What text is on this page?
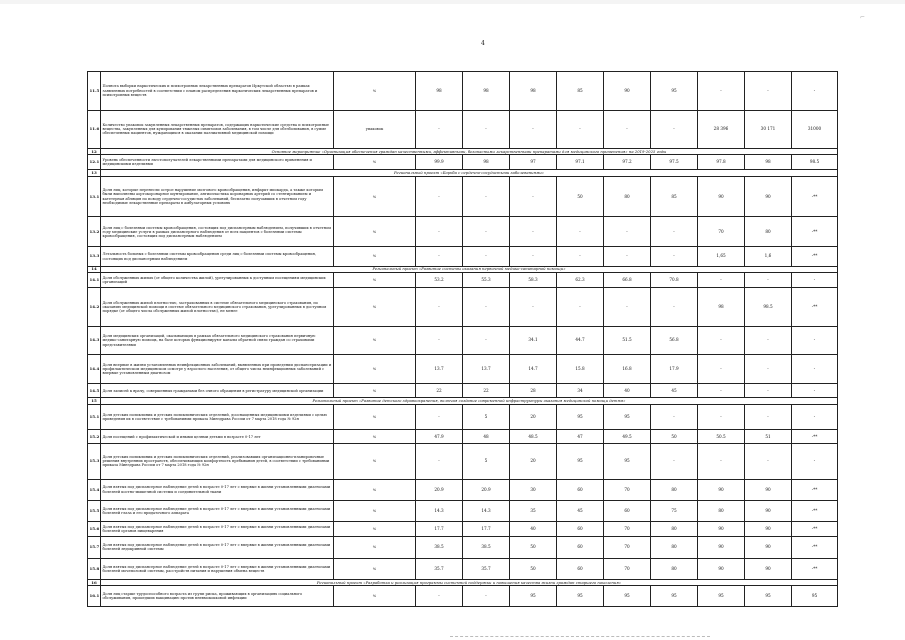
⌐
4
11.5	Полнота выборки наркотических и психотропных лекарственных препаратов Иркутской областью в рамках заявленных потребностей в соответствии с планом распределения наркотических лекарственных препаратов и психотропных веществ	%	98	98	98	85	90	95	-	-	-
11.6	Количество упаковок закупленных лекарственных препаратов, содержащих наркотические средства и психотропные вещества, закупленных для купирования тяжелых симптомов заболевания, в том числе для обезболивания, в сумме обеспеченных пациентов, нуждающихся в оказании паллиативной медицинской помощи	упаковок	-	-	-	-	-	-	28 396	30 171	31000
12	Основное мероприятие «Организация обеспечения граждан качественными, эффективными, безопасными лекарственными препаратами для медицинского применения» на 2019-2025 годы										
12.1	Уровень обеспеченности льготополучателей лекарственными препаратами для медицинского применения и медицинскими изделиями	%	99.9	98	97	97.1	97.2	97.5	97.8	98	98.5
13	Региональный проект «Борьба с сердечно-сосудистыми заболеваниями»										
13.1	Доля лиц, которые перенесли острое нарушение мозгового кровообращения, инфаркт миокарда, а также которым были выполнены аортокоронарное шунтирование, ангиопластика коронарных артерий со стентированием и катетерная абляция по поводу сердечно-сосудистых заболеваний, бесплатно получавших в отчетном году необходимые лекарственные препараты в амбулаторных условиях	%	-	-	-	50	80	85	90	90	-**
13.2	Доля лиц с болезнями системы кровообращения, состоящих под диспансерным наблюдением, получивших в отчетном году медицинские услуги в рамках диспансерного наблюдения от всех пациентов с болезнями системы кровообращения, состоящих под диспансерным наблюдением	%	-	-	-	-	-	-	70	80	-**
13.3	Летальность больных с болезнями системы кровообращения среди лиц с болезнями системы кровообращения, состоящих под диспансерным наблюдением	%	-	-	-	-	-	-	1,65	1,6	-**
14	Региональный проект «Развитие системы оказания первичной медико-санитарной помощи»										
14.1	Доля обслуженных жилых (от общего количества жилой), урегулированных к доступным посещениям медицинских организаций	%	53.2	55.3	58.3	62.3	66.8	70.8	-	-	-
14.2	Доля обслуженных жилой плотностью, застрахованных в системе обязательного медицинского страхования, по оказанию медицинской помощи в системе обязательного медицинского страхования, урегулированных в доступном порядке (от общего числа обслуженных жилой плотностью), не менее	%	-	-	-	-	-	-	98	98.5	-**
14.3	Доля медицинских организаций, оказывающих в рамках обязательного медицинского страхования первичную медико-санитарную помощь, на базе которых функционируют каналы обратной связи граждан со страховыми представителями	%	-	-	34.1	44.7	51.5	56.8	-	-	-
14.4	Доля впервые в жизни установленных неинфекционных заболеваний, выявленных при проведении диспансеризации и профилактическом медицинском осмотре у взрослого населения, от общего числа неинфекционных заболеваний с впервые установленным диагнозом	%	13.7	13.7	14.7	15.8	16.8	17.9	-	-	-
14.5	Доля записей к врачу, совершенных гражданами без очного обращения в регистратуру медицинской организации	%	22	22	28	34	40	45	-	-	-
15	Региональный проект «Развитие детского здравоохранения, включая создание современной инфраструктуры оказания медицинской помощи детям»										
15.1	Доля детских поликлиник и детских поликлинических отделений, дооснащенных медицинскими изделиями с целью приведения их в соответствие с требованиями приказа Минздрава России от 7 марта 2018 года № 92н	%	-	5	20	95	95	-	-	-	-
15.2	Доля посещений с профилактической и иными целями детьми в возрасте 0-17 лет	%	47.9	48	48.5	47	49.5	50	50.5	51	-**
15.3	Доля детских поликлиник и детских поликлинических отделений, реализовавших организационно-планировочные решения внутренних пространств, обеспечивающих комфортность пребывания детей, в соответствии с требованиями приказа Минздрава России от 7 марта 2018 года № 92н	%	-	5	20	95	95	-	-	-	-
15.4	Доля взятых под диспансерное наблюдение детей в возрасте 0-17 лет с впервые в жизни установленными диагнозами болезней костно-мышечной системы и соединительной ткани	%	20.9	20.9	30	60	70	80	90	90	-**
15.5	Доля взятых под диспансерное наблюдение детей в возрасте 0-17 лет с впервые в жизни установленными диагнозами болезней глаза и его придаточного аппарата	%	14.3	14.3	35	45	60	75	80	90	-**
15.6	Доля взятых под диспансерное наблюдение детей в возрасте 0-17 лет с впервые в жизни установленными диагнозами болезней органов пищеварения	%	17.7	17.7	40	60	70	80	90	90	-**
15.7	Доля взятых под диспансерное наблюдение детей в возрасте 0-17 лет с впервые в жизни установленными диагнозами болезней эндокринной системы	%	38.5	38.5	50	60	70	80	90	90	-**
15.8	Доля взятых под диспансерное наблюдение детей в возрасте 0-17 лет с впервые в жизни установленными диагнозами болезней мочеполовой системы, расстройств питания и нарушения обмена веществ	%	35.7	35.7	50	60	70	80	90	90	-**
16	Региональный проект «Разработка и реализация программы системной поддержки и повышения качества жизни граждан старшего поколения»										
16.1	Доля лиц старше трудоспособного возраста из групп риска, проживающих в организациях социального обслуживания, прошедших вакцинацию против пневмококковой инфекции	%	-	-	95	95	95	95	95	95	95
